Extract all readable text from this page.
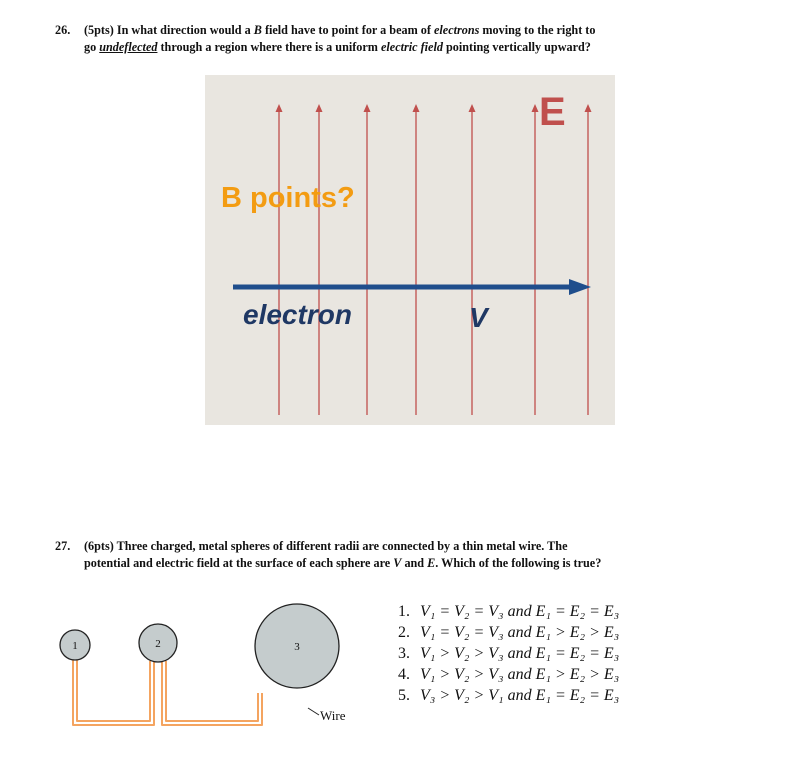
26. (5pts) In what direction would a B field have to point for a beam of electrons moving to the right to
go undeflected through a region where there is a uniform electric field pointing vertically upward?
E
B points?
electron	V
27. (6pts) Three charged, metal spheres of different radii are connected by a thin metal wire. The
potential and electric field at the surface of each sphere are V and E. Which of the following is true?
1	2	3
Wire
1. V₁ = V₂ = V₃ and E₁ = E₂ = E₃
2. V₁ = V₂ = V₃ and E₁ > E₂ > E₃
3. V₁ > V₂ > V₃ and E₁ = E₂ = E₃
4. V₁ > V₂ > V₃ and E₁ > E₂ > E₃
5. V₃ > V₂ > V₁ and E₁ = E₂ = E₃
